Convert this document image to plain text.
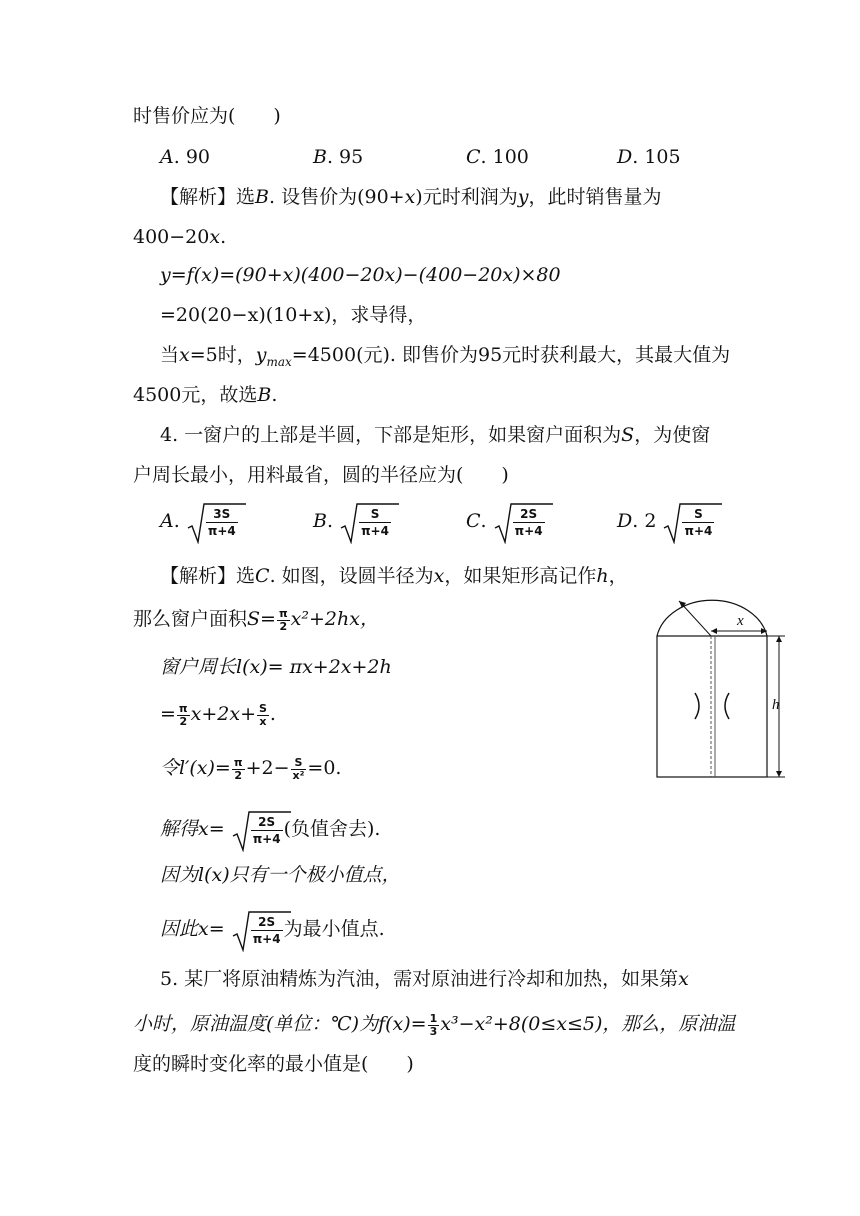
时售价应为(　　)
A. 90	B. 95	C. 100	D. 105
【解析】选B. 设售价为(90+x)元时利润为y，此时销售量为
400−20x.
y=f(x)=(90+x)(400−20x)−(400−20x)×80
=20(20−x)(10+x)，求导得，
当x=5时，$y_{max}=4500$(元). 即售价为95元时获利最大，其最大值为
4500元，故选B.
4. 一窗户的上部是半圆，下部是矩形，如果窗户面积为S，为使窗
户周长最小，用料最省，圆的半径应为(　　)
A. $\frac{3S}{\pi+4}$	B. $\frac{S}{\pi+4}$	C. $\frac{2S}{\pi+4}$	D. $2 \frac{S}{\pi+4}$
【解析】选C. 如图，设圆半径为x，如果矩形高记作h，
那么窗户面积$S= \frac{\pi}{2} x^2+2hx$，
窗户周长l(x)= πx+2x+2h
= $\frac{\pi}{2} x+2x+ \frac{S}{x}$ .
令$l'(x)= \frac{\pi}{2} +2- \frac{S}{\text{x²}} =0$.
解得$x= \frac{2S}{\pi+4}$ (负值舍去).
因为l(x)只有一个极小值点，
因此$x= \frac{2S}{\pi+4}$ 为最小值点.
5. 某厂将原油精炼为汽油，需对原油进行冷却和加热，如果第x
小时，原油温度(单位：℃)为$f(x)= \frac{1}{3} x^3-x^2+8(0\le x\le 5)$，那么，原油温
度的瞬时变化率的最小值是(　　)
x
h
